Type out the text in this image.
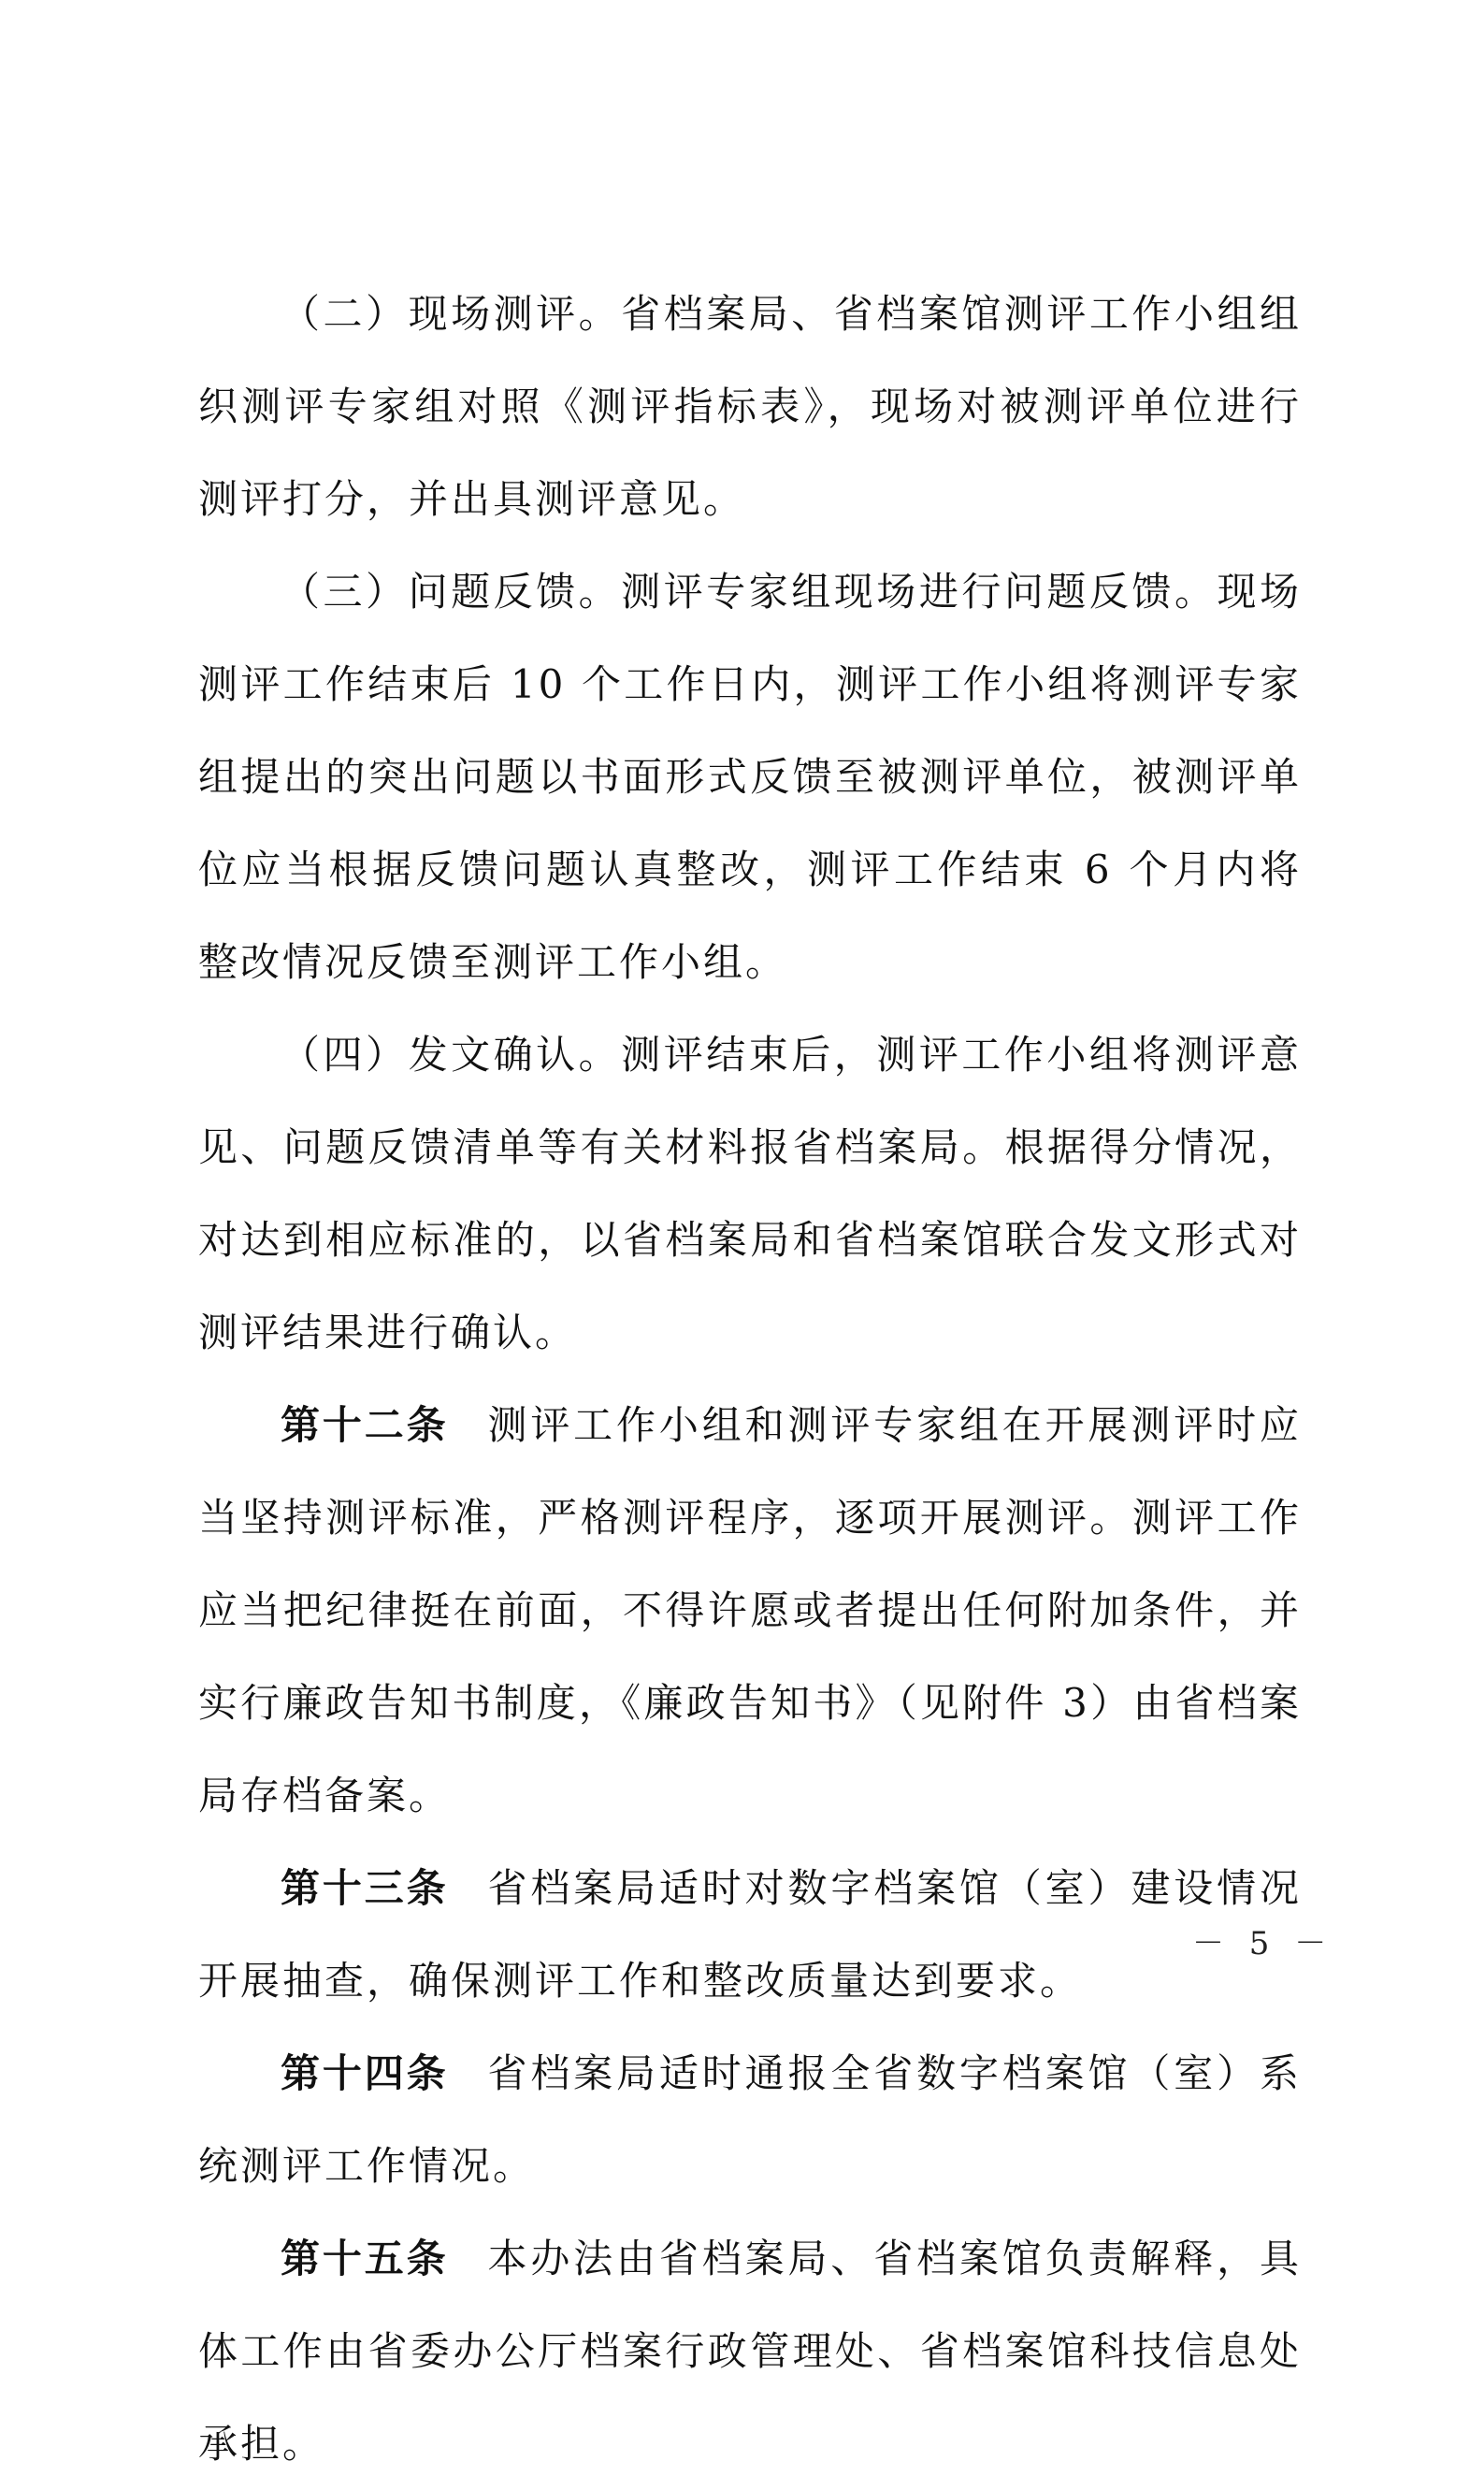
（二）现场测评。省档案局、省档案馆测评工作小组组织测评专家组对照《测评指标表》，现场对被测评单位进行测评打分，并出具测评意见。

（三）问题反馈。测评专家组现场进行问题反馈。现场测评工作结束后 10 个工作日内，测评工作小组将测评专家组提出的突出问题以书面形式反馈至被测评单位，被测评单位应当根据反馈问题认真整改，测评工作结束 6 个月内将整改情况反馈至测评工作小组。

（四）发文确认。测评结束后，测评工作小组将测评意见、问题反馈清单等有关材料报省档案局。根据得分情况，对达到相应标准的，以省档案局和省档案馆联合发文形式对测评结果进行确认。

第十二条 测评工作小组和测评专家组在开展测评时应当坚持测评标准，严格测评程序，逐项开展测评。测评工作应当把纪律挺在前面，不得许愿或者提出任何附加条件，并实行廉政告知书制度，《廉政告知书》（见附件 3）由省档案局存档备案。

第十三条 省档案局适时对数字档案馆（室）建设情况开展抽查，确保测评工作和整改质量达到要求。

第十四条 省档案局适时通报全省数字档案馆（室）系统测评工作情况。

第十五条 本办法由省档案局、省档案馆负责解释，具体工作由省委办公厅档案行政管理处、省档案馆科技信息处承担。

－ 5 －
